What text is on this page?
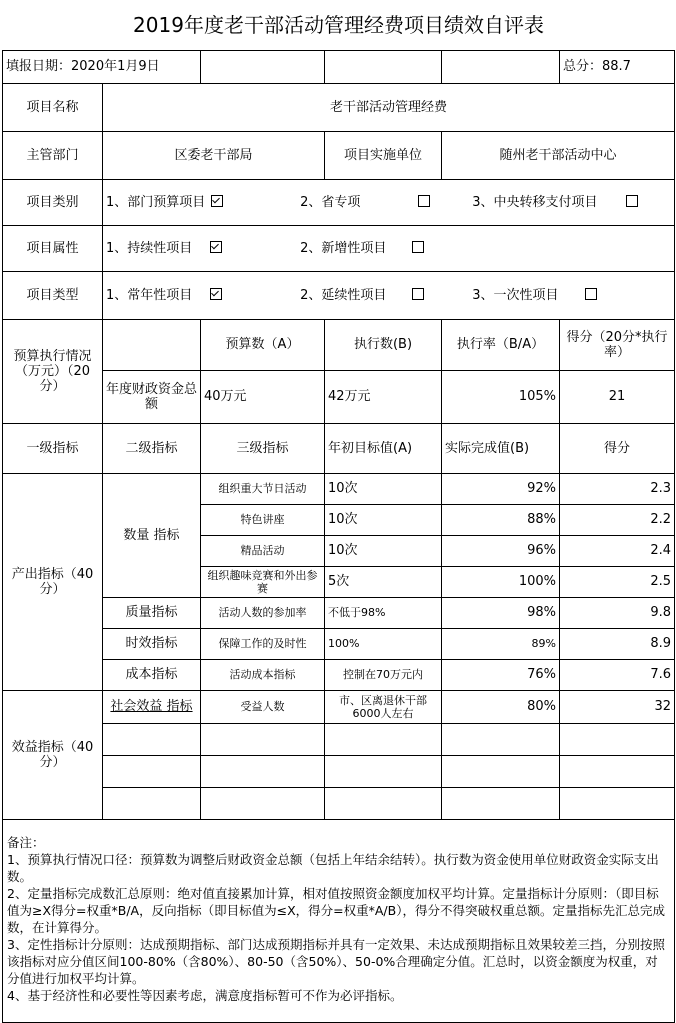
2019年度老干部活动管理经费项目绩效自评表					
填报日期：2020年1月9日					总分：88.7
项目名称	老干部活动管理经费				
主管部门	区委老干部局		项目实施单位	随州老干部活动中心	
项目类别	1、部门预算项目 2、省专项 3、中央转移支付项目				
项目属性	1、持续性项目 2、新增性项目				
项目类型	1、常年性项目 2、延续性项目 3、一次性项目				
预算执行情况（万元）（20分）		预算数（A）	执行数(B)	执行率（B/A）	得分（20分*执行率）
	年度财政资金总额	40万元	42万元	105%	21
一级指标	二级指标	三级指标	年初目标值(A)	实际完成值(B)	得分
产出指标（40分）	数量 指标	组织重大节日活动	10次	92%	2.3
		特色讲座	10次	88%	2.2
		精品活动	10次	96%	2.4
		组织趣味竞赛和外出参赛	5次	100%	2.5
	质量指标	活动人数的参加率	不低于98%	98%	9.8
	时效指标	保障工作的及时性	100%	89%	8.9
	成本指标	活动成本指标	控制在70万元内	76%	7.6
效益指标（40分）	社会效益 指标	受益人数	市、区离退休干部6000人左右	80%	32

备注：
1、预算执行情况口径：预算数为调整后财政资金总额（包括上年结余结转）。执行数为资金使用单位财政资金实际支出数。
2、定量指标完成数汇总原则：绝对值直接累加计算，相对值按照资金额度加权平均计算。定量指标计分原则：（即目标值为≥X得分=权重*B/A，反向指标（即目标值为≤X，得分=权重*A/B），得分不得突破权重总额。定量指标先汇总完成数，在计算得分。
3、定性指标计分原则：达成预期指标、部门达成预期指标并具有一定效果、未达成预期指标且效果较差三挡，分别按照该指标对应分值区间100-80%（含80%）、80-50（含50%）、50-0%合理确定分值。汇总时，以资金额度为权重，对分值进行加权平均计算。
4、基于经济性和必要性等因素考虑，满意度指标暂可不作为必评指标。					
